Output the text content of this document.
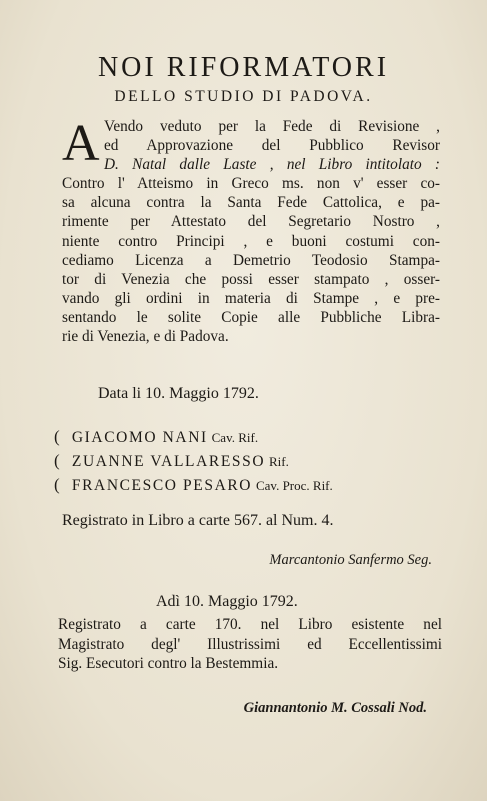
NOI RIFORMATORI
DELLO STUDIO DI PADOVA.
A Vendo veduto per la Fede di Revisione ,
ed Approvazione del Pubblico Revisor
D. Natal dalle Laste , nel Libro intitolato :
Contro l' Atteismo in Greco ms. non v' esser co-
sa alcuna contra la Santa Fede Cattolica, e pa-
rimente per Attestato del Segretario Nostro ,
niente contro Principi , e buoni costumi con-
cediamo Licenza a Demetrio Teodosio Stampa-
tor di Venezia che possi esser stampato , osser-
vando gli ordini in materia di Stampe , e pre-
sentando le solite Copie alle Pubbliche Libra-
rie di Venezia, e di Padova.
Data li 10. Maggio 1792.
( GIACOMO NANI Cav. Rif.
( ZUANNE VALLARESSO Rif.
( FRANCESCO PESARO Cav. Proc. Rif.
Registrato in Libro a carte 567. al Num. 4.
Marcantonio Sanfermo Seg.
Adì 10. Maggio 1792.
Registrato a carte 170. nel Libro esistente nel
Magistrato degl' Illustrissimi ed Eccellentissimi
Sig. Esecutori contro la Bestemmia.
Giannantonio M. Cossali Nod.
